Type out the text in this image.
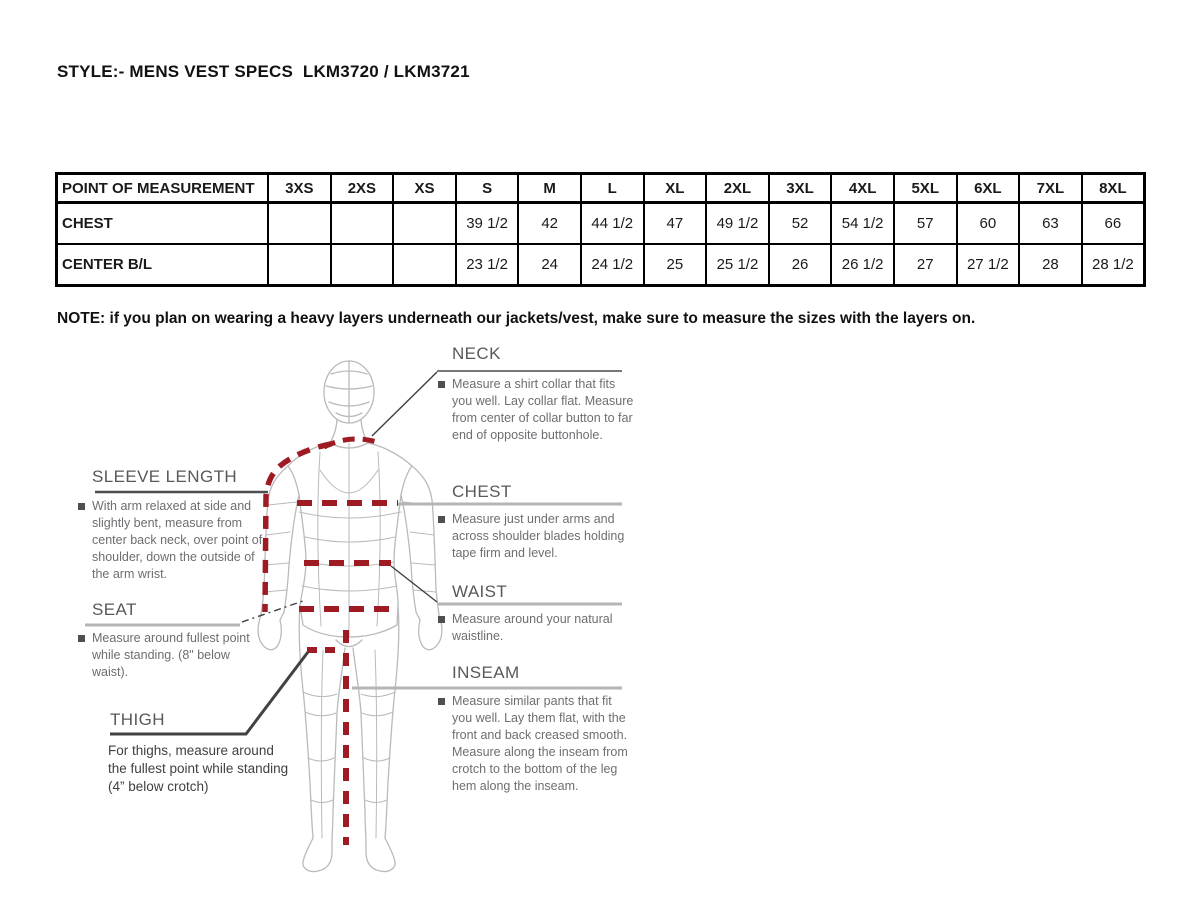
STYLE:- MENS VEST SPECS  LKM3720 / LKM3721
POINT OF MEASUREMENT	3XS	2XS	XS	S	M	L	XL	2XL	3XL	4XL	5XL	6XL	7XL	8XL
CHEST				39 1/2	42	44 1/2	47	49 1/2	52	54 1/2	57	60	63	66
CENTER B/L				23 1/2	24	24 1/2	25	25 1/2	26	26 1/2	27	27 1/2	28	28 1/2
NOTE: if you plan on wearing a heavy layers underneath our jackets/vest, make sure to measure the sizes with the layers on.
NECK
Measure a shirt collar that fits you well. Lay collar flat. Measure from center of collar button to far end of opposite buttonhole.
SLEEVE LENGTH
With arm relaxed at side and slightly bent, measure from center back neck, over point of shoulder, down the outside of the arm wrist.
CHEST
Measure just under arms and across shoulder blades holding tape firm and level.
WAIST
Measure around your natural waistline.
SEAT
Measure around fullest point while standing. (8" below waist).	INSEAM
Measure similar pants that fit you well. Lay them flat, with the front and back creased smooth. Measure along the inseam from crotch to the bottom of the leg hem along the inseam.
THIGH
For thighs, measure around the fullest point while standing (4” below crotch)
